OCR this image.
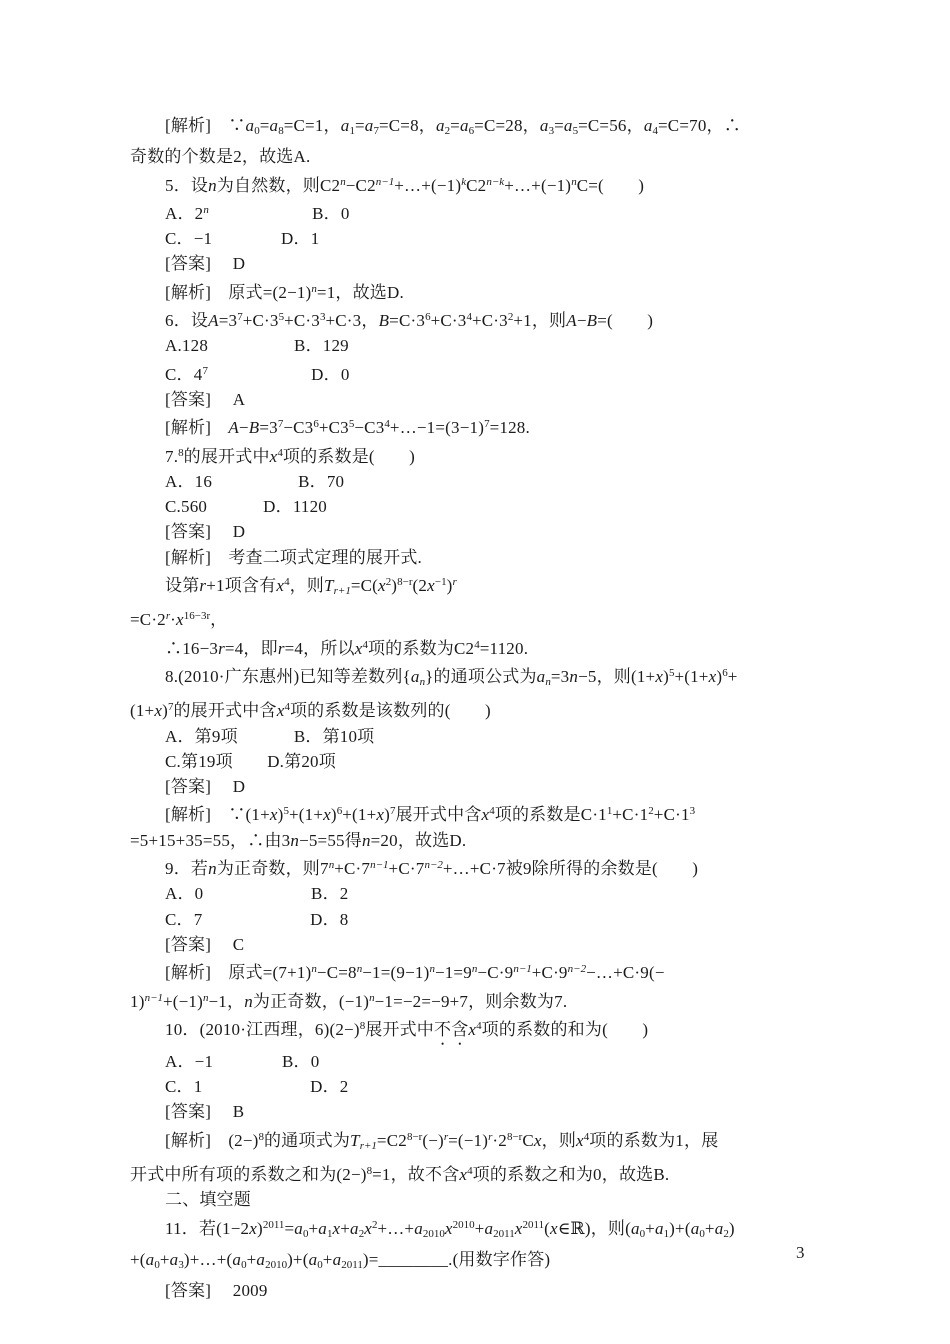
[解析]　$\because a_0=a_8=C=1$，$a_1=a_7=C=8$，$a_2=a_6=C=28$，$a_3=a_5=C=56$，$a_4=C=70$，∴
奇数的个数是2，故选A.
5．设n为自然数，则$C2^n-C2^{n-1}+\dots+(-1)^kC2^{n-k}+\dots+(-1)^nC=$(　　)
A．2$^n$　　　　　　B．0
C．−1　　　　D．1
[答案]　 D
[解析]　原式$=(2-1)^n=1$，故选D.
6．设$A=3^7+C\cdot 3^5+C\cdot 3^3+C\cdot 3$，$B=C\cdot 3^6+C\cdot 3^4+C\cdot 3^2+1$，则A−B=(　　)
A.128　　　　　B．129
C．$4^7$　　　　　　D．0
[答案]　 A
[解析]　$A-B=3^7-C3^6+C3^5-C3^4+\dots-1=(3-1)^7=128$.
7.$^8$的展开式中$x^4$项的系数是(　　)
A．16　　　　　B．70
C.560　　　 D．1120
[答案]　 D
[解析]　考查二项式定理的展开式.
设第r+1项含有$x^4$，则$T_{r+1}=C(x^2)^{8-r}(2x^{-1})^r$
$=C\cdot 2^r\cdot x^{16-3r}$，
∴16−3r=4，即r=4，所以$x^4$项的系数为$C2^4=1120$.
8.(2010·广东惠州)已知等差数列$\{a_n\}$的通项公式为$a_n=3n-5$，则$(1+x)^5+(1+x)^6+$
$(1+x)^7$的展开式中含$x^4$项的系数是该数列的(　　)
A．第9项　　　 B．第10项
C.第19项　　D.第20项
[答案]　 D
[解析]　$\because(1+x)^5+(1+x)^6+(1+x)^7$展开式中含$x^4$项的系数是$C\cdot 1^1+C\cdot 1^2+C\cdot 1^3$
=5+15+35=55，∴由3n−5=55得n=20，故选D.
9．若n为正奇数，则$7^n+C\cdot 7^{n-1}+C\cdot 7^{n-2}+\dots+C\cdot 7$被9除所得的余数是(　　)
A．0　　　　　　 B．2
C．7　　　　　　 D．8
[答案]　 C
[解析]　原式$=(7+1)^n-C=8^n-1=(9-1)^n-1=9^n-C\cdot 9^{n-1}+C\cdot 9^{n-2}-\dots+C\cdot 9(-$
$1)^{n-1}+(-1)^n-1$，n为正奇数，$(-1)^n-1=-2=-9+7$，则余数为7.
10．(2010·江西理，$6)(2-)^8$展开式中不含$x^4$项的系数的和为(　　)
A．−1　　　　B．0
C．1　　　　　　 D．2
[答案]　 B
[解析]　$(2-)^8$的通项式为$T_{r+1}=C2^{8-r}(-)^r=(-1)^r\cdot 2^{8-r}Cx$，则$x^4$项的系数为1，展
开式中所有项的系数之和为$(2-)^8=1$，故不含$x^4$项的系数之和为0，故选B.
二、填空题
11．若$(1-2x)^{2011}=a_0+a_1x+a_2x^2+\dots+a_{2010}x^{2010}+a_{2011}x^{2011}(x\in ℝ)$，则$(a_0+a_1)+(a_0+a_2)$
$+(a_0+a_3)+\dots+(a_0+a_{2010})+(a_0+a_{2011})=\_\_\_\_\_\_\_\_$.(用数字作答)
[答案]　 2009
3
